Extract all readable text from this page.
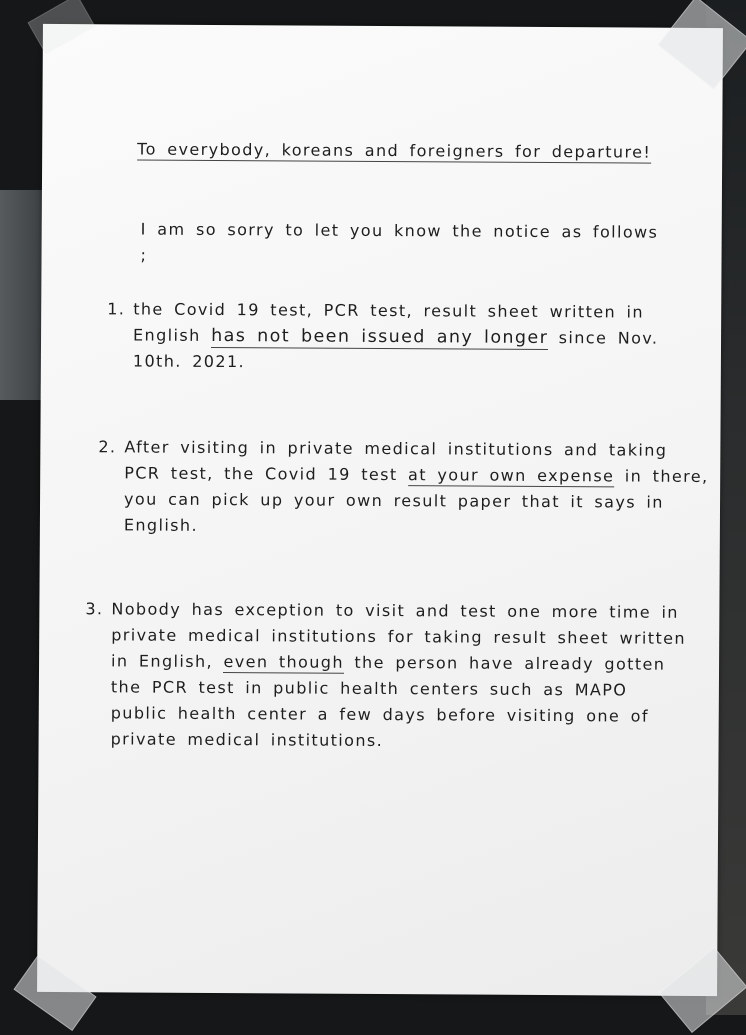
To everybody, koreans and foreigners for departure!
I am so sorry to let you know the notice as follows ;
1. the Covid 19 test, PCR test, result sheet written in
English has not been issued any longer since Nov.
10th. 2021.
2. After visiting in private medical institutions and taking
PCR test, the Covid 19 test at your own expense in there,
you can pick up your own result paper that it says in
English.
3. Nobody has exception to visit and test one more time in
private medical institutions for taking result sheet written
in English, even though the person have already gotten
the PCR test in public health centers such as MAPO
public health center a few days before visiting one of
private medical institutions.
